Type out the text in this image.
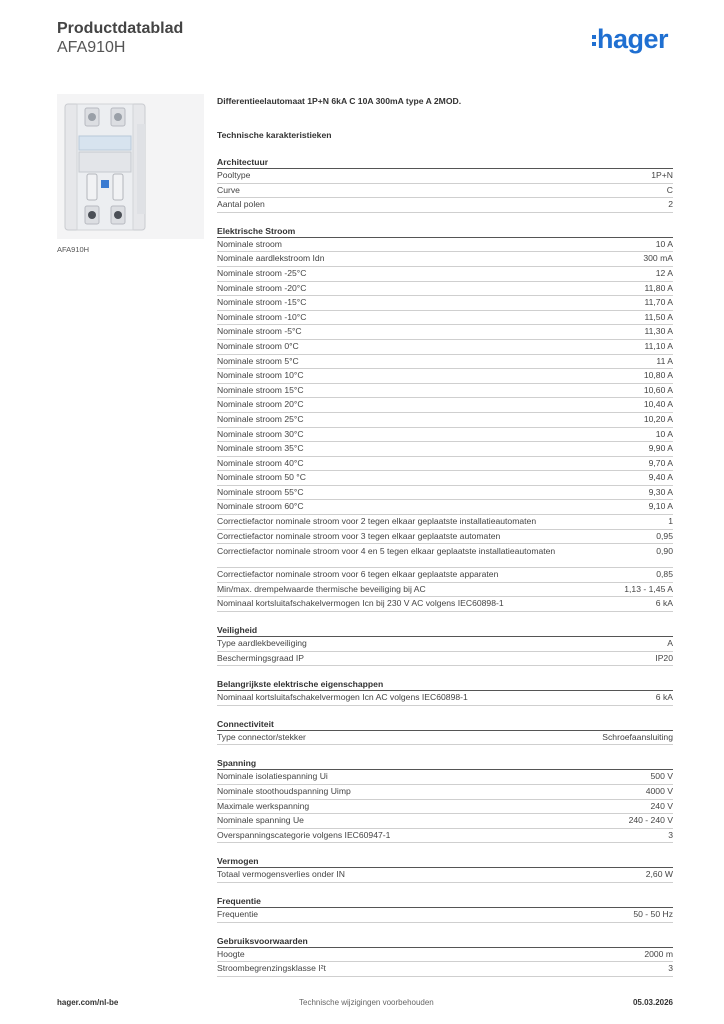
Productdatablad
AFA910H	hager
AFA910H
Differentieelautomaat 1P+N 6kA C 10A 300mA type A 2MOD.
Technische karakteristieken
Architectuur
Pooltype	1P+N
Curve	C
Aantal polen	2
Elektrische Stroom
Nominale stroom	10 A
Nominale aardlekstroom Idn	300 mA
Nominale stroom -25°C	12 A
Nominale stroom -20°C	11,80 A
Nominale stroom -15°C	11,70 A
Nominale stroom -10°C	11,50 A
Nominale stroom -5°C	11,30 A
Nominale stroom 0°C	11,10 A
Nominale stroom 5°C	11 A
Nominale stroom 10°C	10,80 A
Nominale stroom 15°C	10,60 A
Nominale stroom 20°C	10,40 A
Nominale stroom 25°C	10,20 A
Nominale stroom 30°C	10 A
Nominale stroom 35°C	9,90 A
Nominale stroom 40°C	9,70 A
Nominale stroom 50 °C	9,40 A
Nominale stroom 55°C	9,30 A
Nominale stroom 60°C	9,10 A
Correctiefactor nominale stroom voor 2 tegen elkaar geplaatste installatieautomaten	1
Correctiefactor nominale stroom voor 3 tegen elkaar geplaatste automaten	0,95
Correctiefactor nominale stroom voor 4 en 5 tegen elkaar geplaatste installatieautomaten	0,90
Correctiefactor nominale stroom voor 6 tegen elkaar geplaatste apparaten	0,85
Min/max. drempelwaarde thermische beveiliging bij AC	1,13 - 1,45 A
Nominaal kortsluitafschakelvermogen Icn bij 230 V AC volgens IEC60898-1	6 kA
Veiligheid
Type aardlekbeveiliging	A
Beschermingsgraad IP	IP20
Belangrijkste elektrische eigenschappen
Nominaal kortsluitafschakelvermogen Icn AC volgens IEC60898-1	6 kA
Connectiviteit
Type connector/stekker	Schroefaansluiting
Spanning
Nominale isolatiespanning Ui	500 V
Nominale stoothoudspanning Uimp	4000 V
Maximale werkspanning	240 V
Nominale spanning Ue	240 - 240 V
Overspanningscategorie volgens IEC60947-1	3
Vermogen
Totaal vermogensverlies onder IN	2,60 W
Frequentie
Frequentie	50 - 50 Hz
Gebruiksvoorwaarden
Hoogte	2000 m
Stroombegrenzingsklasse I²t	3
hager.com/nl-be	Technische wijzigingen voorbehouden	05.03.2026
